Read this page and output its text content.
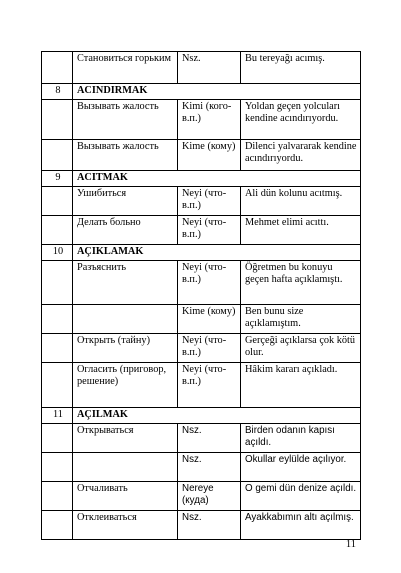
	Становиться горьким	Nsz.	Bu tereyağı acımış.
8	ACINDIRMAK		
	Вызывать жалость	Kimi (кого-в.п.)	Yoldan geçen yolcuları kendine acındırıyordu.
	Вызывать жалость	Kime (кому)	Dilenci yalvararak kendine acındırıyordu.
9	ACITMAK		
	Ушибиться	Neyi (что- в.п.)	Ali dün kolunu acıtmış.
	Делать больно	Neyi (что-в.п.)	Mehmet elimi acıttı.
10	AÇIKLAMAK		
	Разъяснить	Neyi (что-в.п.)	Öğretmen bu konuyu geçen hafta açıklamıştı.
		Kime (кому)	Ben bunu size açıklamıştım.
	Открыть (тайну)	Neyi (что-в.п.)	Gerçeği açıklarsa çok kötü olur.
	Огласить (приговор, решение)	Neyi (что-в.п.)	Hâkim kararı açıkladı.
11	AÇILMAK		
	Открываться	Nsz.	Birden odanın kapısı açıldı.
		Nsz.	Okullar eylülde açılıyor.
	Отчаливать	Nereye (куда)	O gemi dün denize açıldı.
	Отклеиваться	Nsz.	Ayakkabımın altı açılmış.
11
